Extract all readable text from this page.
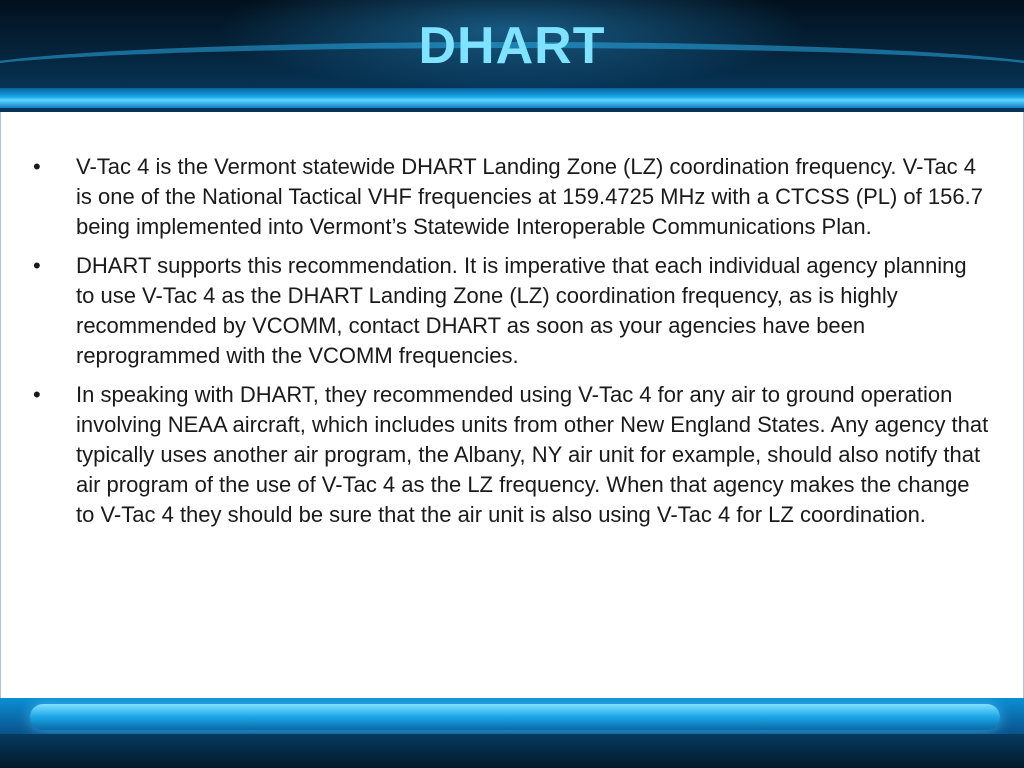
DHART
• V-Tac 4 is the Vermont statewide DHART Landing Zone (LZ) coordination frequency. V-Tac 4 is one of the National Tactical VHF frequencies at 159.4725 MHz with a CTCSS (PL) of 156.7 being implemented into Vermont’s Statewide Interoperable Communications Plan.
• DHART supports this recommendation. It is imperative that each individual agency planning to use V-Tac 4 as the DHART Landing Zone (LZ) coordination frequency, as is highly recommended by VCOMM, contact DHART as soon as your agencies have been reprogrammed with the VCOMM frequencies.
• In speaking with DHART, they recommended using V-Tac 4 for any air to ground operation involving NEAA aircraft, which includes units from other New England States. Any agency that typically uses another air program, the Albany, NY air unit for example, should also notify that air program of the use of V-Tac 4 as the LZ frequency. When that agency makes the change to V-Tac 4 they should be sure that the air unit is also using V-Tac 4 for LZ coordination.
